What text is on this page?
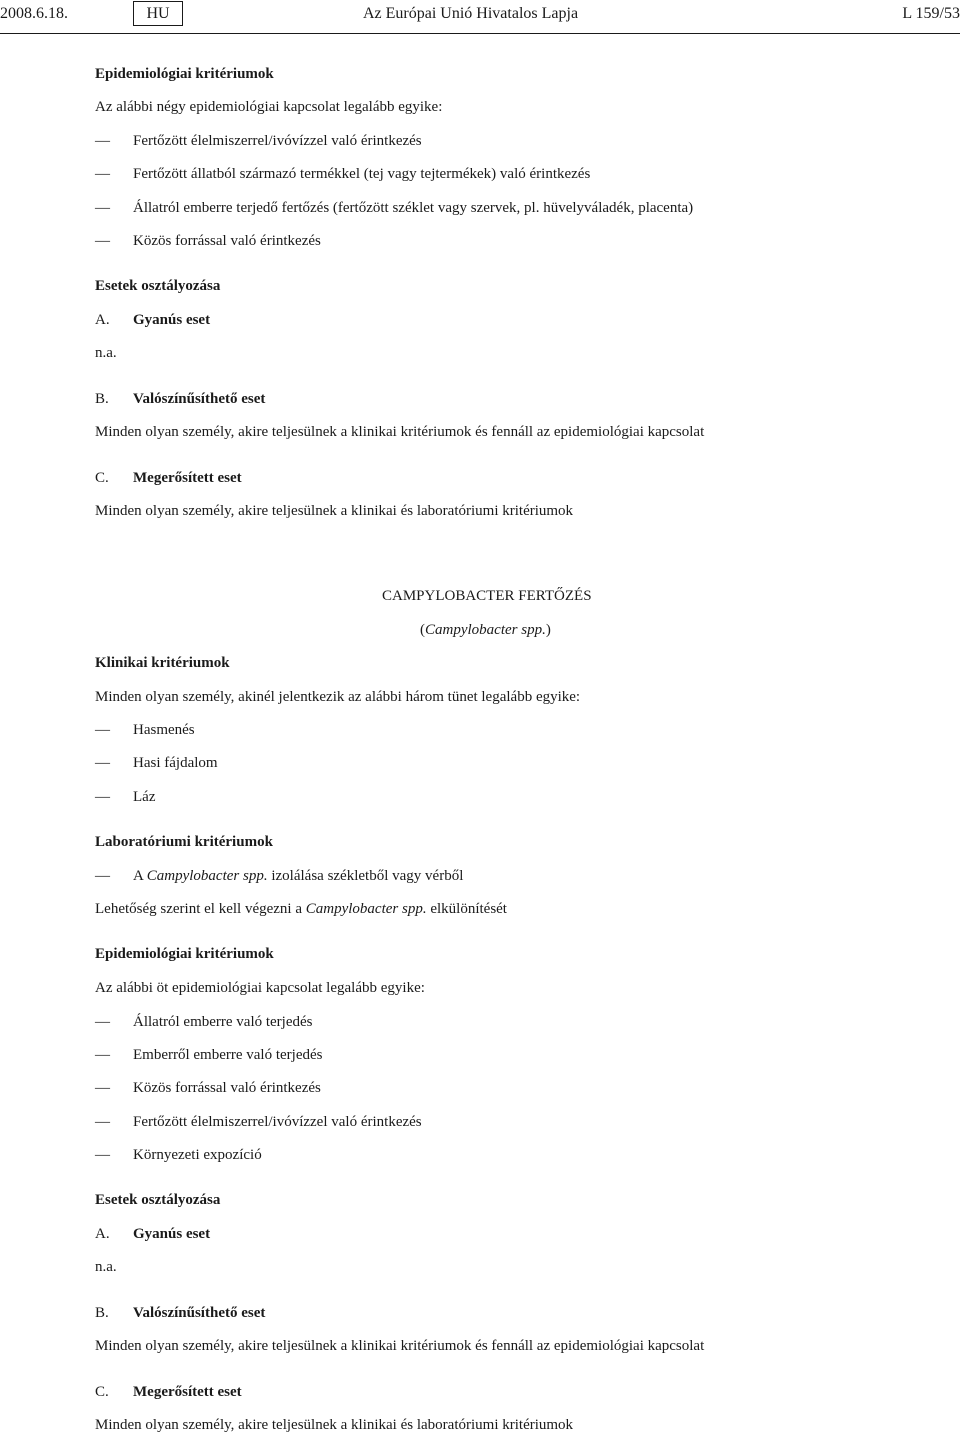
2008.6.18.	HU	Az Európai Unió Hivatalos Lapja	L 159/53
Epidemiológiai kritériumok
Az alábbi négy epidemiológiai kapcsolat legalább egyike:
— Fertőzött élelmiszerrel/ivóvízzel való érintkezés
— Fertőzött állatból származó termékkel (tej vagy tejtermékek) való érintkezés
— Állatról emberre terjedő fertőzés (fertőzött széklet vagy szervek, pl. hüvelyváladék, placenta)
— Közös forrással való érintkezés
Esetek osztályozása
A. Gyanús eset
n.a.
B. Valószínűsíthető eset
Minden olyan személy, akire teljesülnek a klinikai kritériumok és fennáll az epidemiológiai kapcsolat
C. Megerősített eset
Minden olyan személy, akire teljesülnek a klinikai és laboratóriumi kritériumok
CAMPYLOBACTER FERTŐZÉS
(Campylobacter spp.)
Klinikai kritériumok
Minden olyan személy, akinél jelentkezik az alábbi három tünet legalább egyike:
— Hasmenés
— Hasi fájdalom
— Láz
Laboratóriumi kritériumok
— A Campylobacter spp. izolálása székletből vagy vérből
Lehetőség szerint el kell végezni a Campylobacter spp. elkülönítését
Epidemiológiai kritériumok
Az alábbi öt epidemiológiai kapcsolat legalább egyike:
— Állatról emberre való terjedés
— Emberről emberre való terjedés
— Közös forrással való érintkezés
— Fertőzött élelmiszerrel/ivóvízzel való érintkezés
— Környezeti expozíció
Esetek osztályozása
A. Gyanús eset
n.a.
B. Valószínűsíthető eset
Minden olyan személy, akire teljesülnek a klinikai kritériumok és fennáll az epidemiológiai kapcsolat
C. Megerősített eset
Minden olyan személy, akire teljesülnek a klinikai és laboratóriumi kritériumok
